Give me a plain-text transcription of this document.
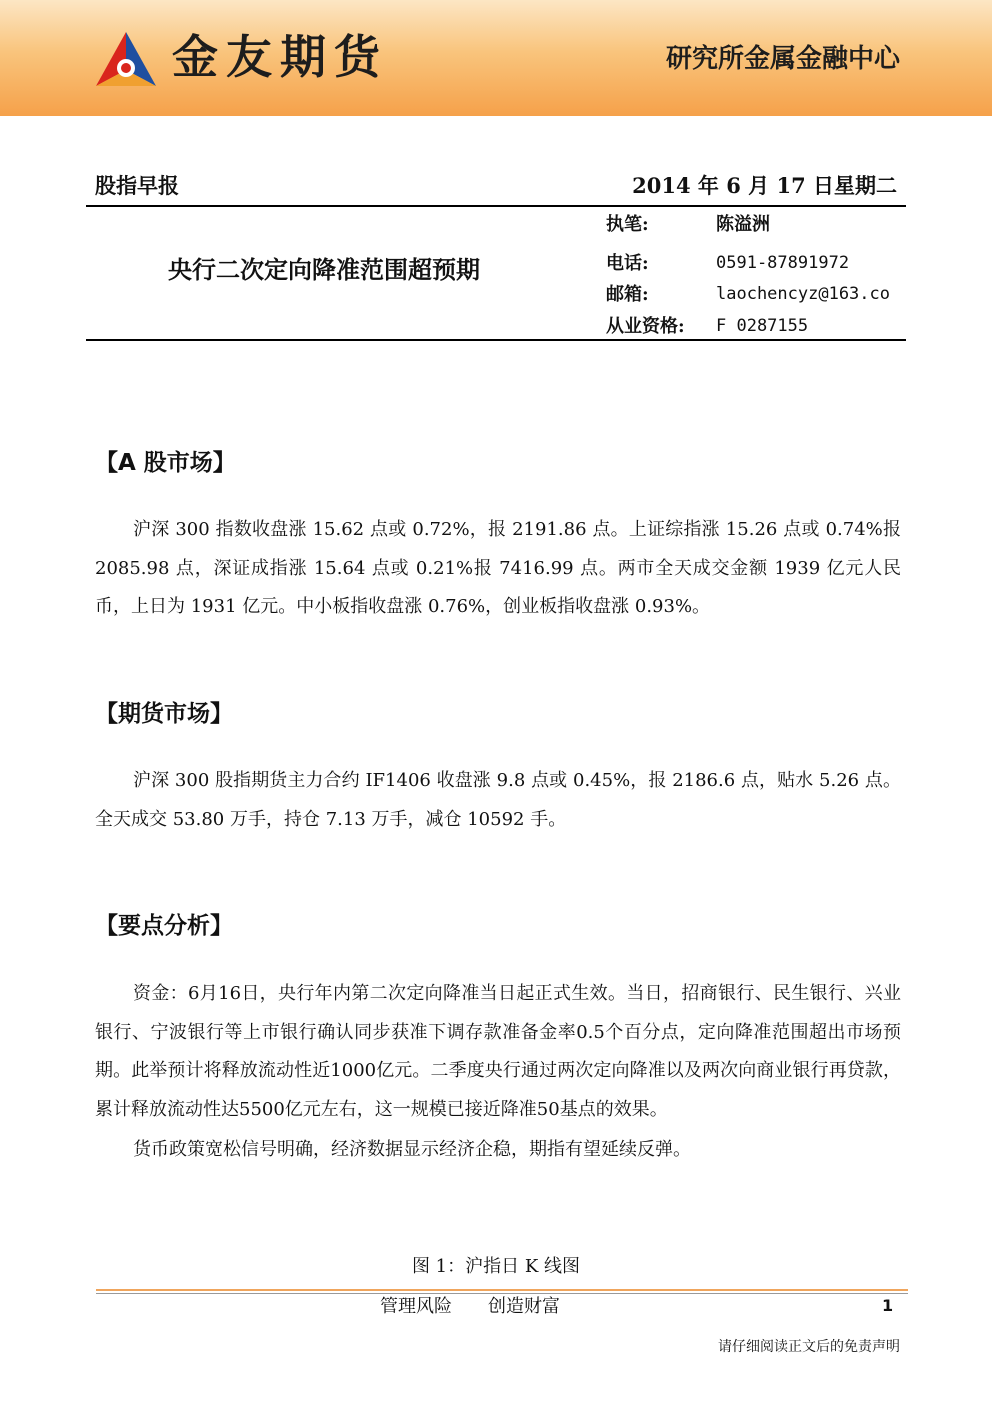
金友期货	研究所金属金融中心
股指早报	2014 年 6 月 17 日星期二
央行二次定向降准范围超预期
执笔:	陈溢洲
电话:	0591-87891972
邮箱:	laochencyz@163.co
从业资格: F 0287155
【A 股市场】

沪深 300 指数收盘涨 15.62 点或 0.72%，报 2191.86 点。上证综指涨 15.26 点或 0.74%报 2085.98 点，深证成指涨 15.64 点或 0.21%报 7416.99 点。两市全天成交金额 1939 亿元人民币，上日为 1931 亿元。中小板指收盘涨 0.76%，创业板指收盘涨 0.93%。

【期货市场】

沪深 300 股指期货主力合约 IF1406 收盘涨 9.8 点或 0.45%，报 2186.6 点，贴水 5.26 点。全天成交 53.80 万手，持仓 7.13 万手，减仓 10592 手。

【要点分析】

资金：6月16日，央行年内第二次定向降准当日起正式生效。当日，招商银行、民生银行、兴业银行、宁波银行等上市银行确认同步获准下调存款准备金率0.5个百分点，定向降准范围超出市场预期。此举预计将释放流动性近1000亿元。二季度央行通过两次定向降准以及两次向商业银行再贷款，累计释放流动性达5500亿元左右，这一规模已接近降准50基点的效果。

货币政策宽松信号明确，经济数据显示经济企稳，期指有望延续反弹。

图 1：沪指日 K 线图
管理风险 创造财富	1
请仔细阅读正文后的免责声明
